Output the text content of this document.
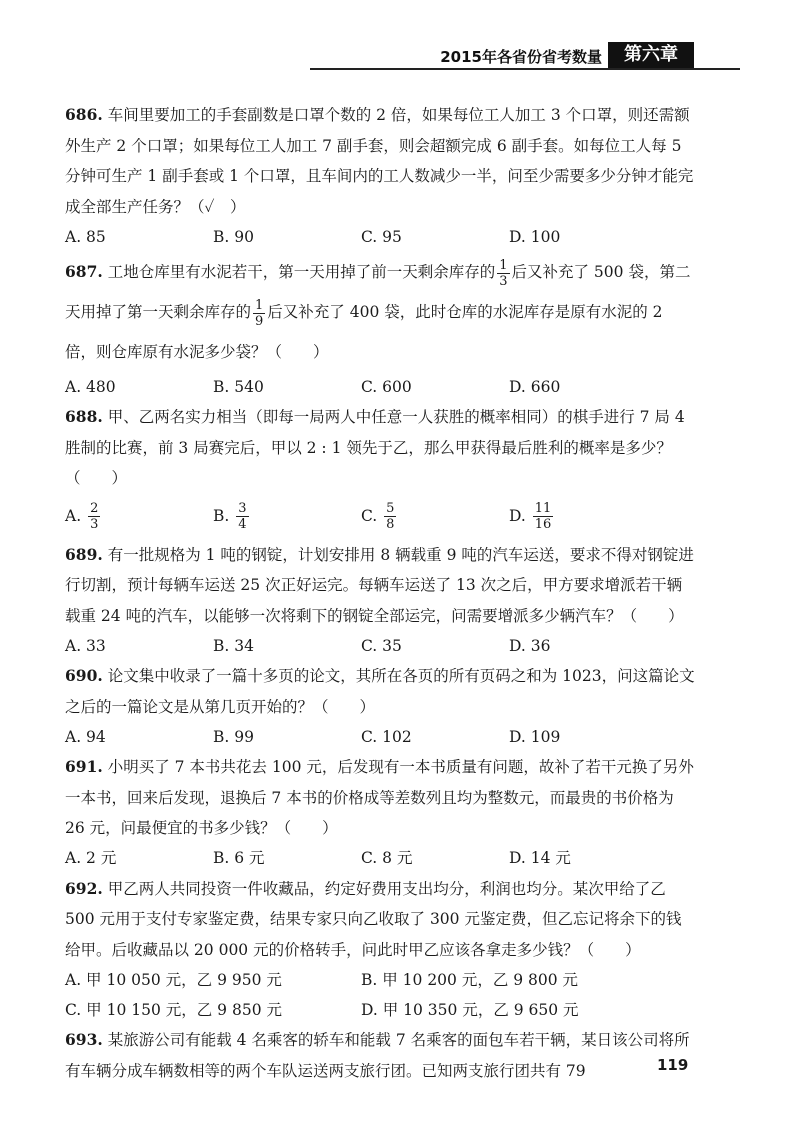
2015年各省份省考数量	第六章
686. 车间里要加工的手套副数是口罩个数的 2 倍，如果每位工人加工 3 个口罩，则还需额外生产 2 个口罩；如果每位工人加工 7 副手套，则会超额完成 6 副手套。如每位工人每 5 分钟可生产 1 副手套或 1 个口罩，且车间内的工人数减少一半，问至少需要多少分钟才能完成全部生产任务？（✓　）
A. 85	B. 90	C. 95	D. 100
687. 工地仓库里有水泥若干，第一天用掉了前一天剩余库存的 $\frac{1}{3}$ 后又补充了 500 袋，第二天用掉了第一天剩余库存的 $\frac{1}{9}$ 后又补充了 400 袋，此时仓库的水泥库存是原有水泥的 2 倍，则仓库原有水泥多少袋？（　　）
A. 480	B. 540	C. 600	D. 660
688. 甲、乙两名实力相当（即每一局两人中任意一人获胜的概率相同）的棋手进行 7 局 4 胜制的比赛，前 3 局赛完后，甲以 2 : 1 领先于乙，那么甲获得最后胜利的概率是多少？（　　）
A. $\frac{2}{3}$	B. $\frac{3}{4}$	C. $\frac{5}{8}$	D. $\frac{11}{16}$
689. 有一批规格为 1 吨的钢锭，计划安排用 8 辆载重 9 吨的汽车运送，要求不得对钢锭进行切割，预计每辆车运送 25 次正好运完。每辆车运送了 13 次之后，甲方要求增派若干辆载重 24 吨的汽车，以能够一次将剩下的钢锭全部运完，问需要增派多少辆汽车？（　　）
A. 33	B. 34	C. 35	D. 36
690. 论文集中收录了一篇十多页的论文，其所在各页的所有页码之和为 1023，问这篇论文之后的一篇论文是从第几页开始的？（　　）
A. 94	B. 99	C. 102	D. 109
691. 小明买了 7 本书共花去 100 元，后发现有一本书质量有问题，故补了若干元换了另外一本书，回来后发现，退换后 7 本书的价格成等差数列且均为整数元，而最贵的书价格为 26 元，问最便宜的书多少钱？（　　）
A. 2 元	B. 6 元	C. 8 元	D. 14 元
692. 甲乙两人共同投资一件收藏品，约定好费用支出均分，利润也均分。某次甲给了乙 500 元用于支付专家鉴定费，结果专家只向乙收取了 300 元鉴定费，但乙忘记将余下的钱给甲。后收藏品以 20 000 元的价格转手，问此时甲乙应该各拿走多少钱？（　　）
A. 甲 10 050 元，乙 9 950 元	B. 甲 10 200 元，乙 9 800 元
C. 甲 10 150 元，乙 9 850 元	D. 甲 10 350 元，乙 9 650 元
693. 某旅游公司有能载 4 名乘客的轿车和能载 7 名乘客的面包车若干辆，某日该公司将所有车辆分成车辆数相等的两个车队运送两支旅行团。已知两支旅行团共有 79	119
